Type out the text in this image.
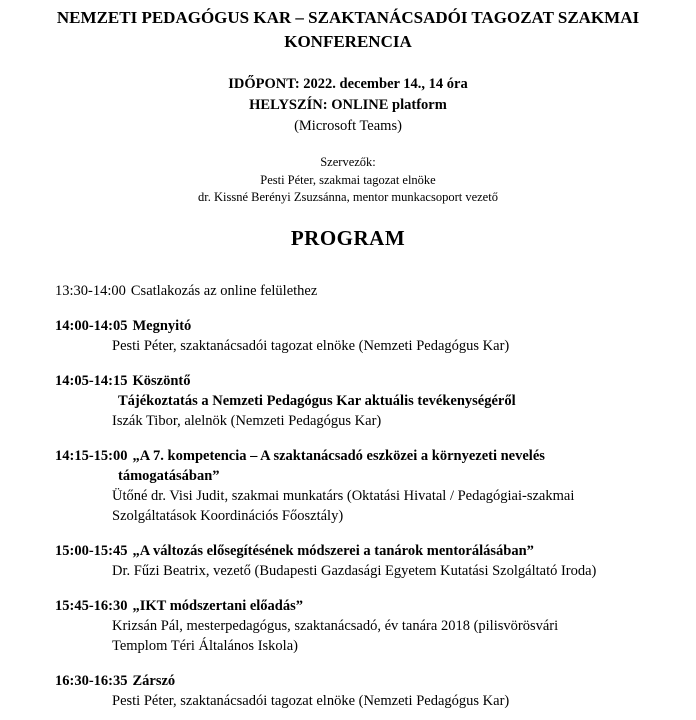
NEMZETI PEDAGÓGUS KAR – SZAKTANÁCSADÓI TAGOZAT SZAKMAI
KONFERENCIA
IDŐPONT: 2022. december 14., 14 óra
HELYSZÍN: ONLINE platform
(Microsoft Teams)
Szervezők:
Pesti Péter, szakmai tagozat elnöke
dr. Kissné Berényi Zsuzsánna, mentor munkacsoport vezető
PROGRAM
13:30-14:00 Csatlakozás az online felülethez
14:00-14:05 Megnyitó
Pesti Péter, szaktanácsadói tagozat elnöke (Nemzeti Pedagógus Kar)
14:05-14:15 Köszöntő
Tájékoztatás a Nemzeti Pedagógus Kar aktuális tevékenységéről
Iszák Tibor, alelnök (Nemzeti Pedagógus Kar)
14:15-15:00 „A 7. kompetencia – A szaktanácsadó eszközei a környezeti nevelés
támogatásában”
Ütőné dr. Visi Judit, szakmai munkatárs (Oktatási Hivatal / Pedagógiai-szakmai
Szolgáltatások Koordinációs Főosztály)
15:00-15:45 „A változás elősegítésének módszerei a tanárok mentorálásában”
Dr. Fűzi Beatrix, vezető (Budapesti Gazdasági Egyetem Kutatási Szolgáltató Iroda)
15:45-16:30 „IKT módszertani előadás”
Krizsán Pál, mesterpedagógus, szaktanácsadó, év tanára 2018 (pilisvörösvári
Templom Téri Általános Iskola)
16:30-16:35 Zárszó
Pesti Péter, szaktanácsadói tagozat elnöke (Nemzeti Pedagógus Kar)
